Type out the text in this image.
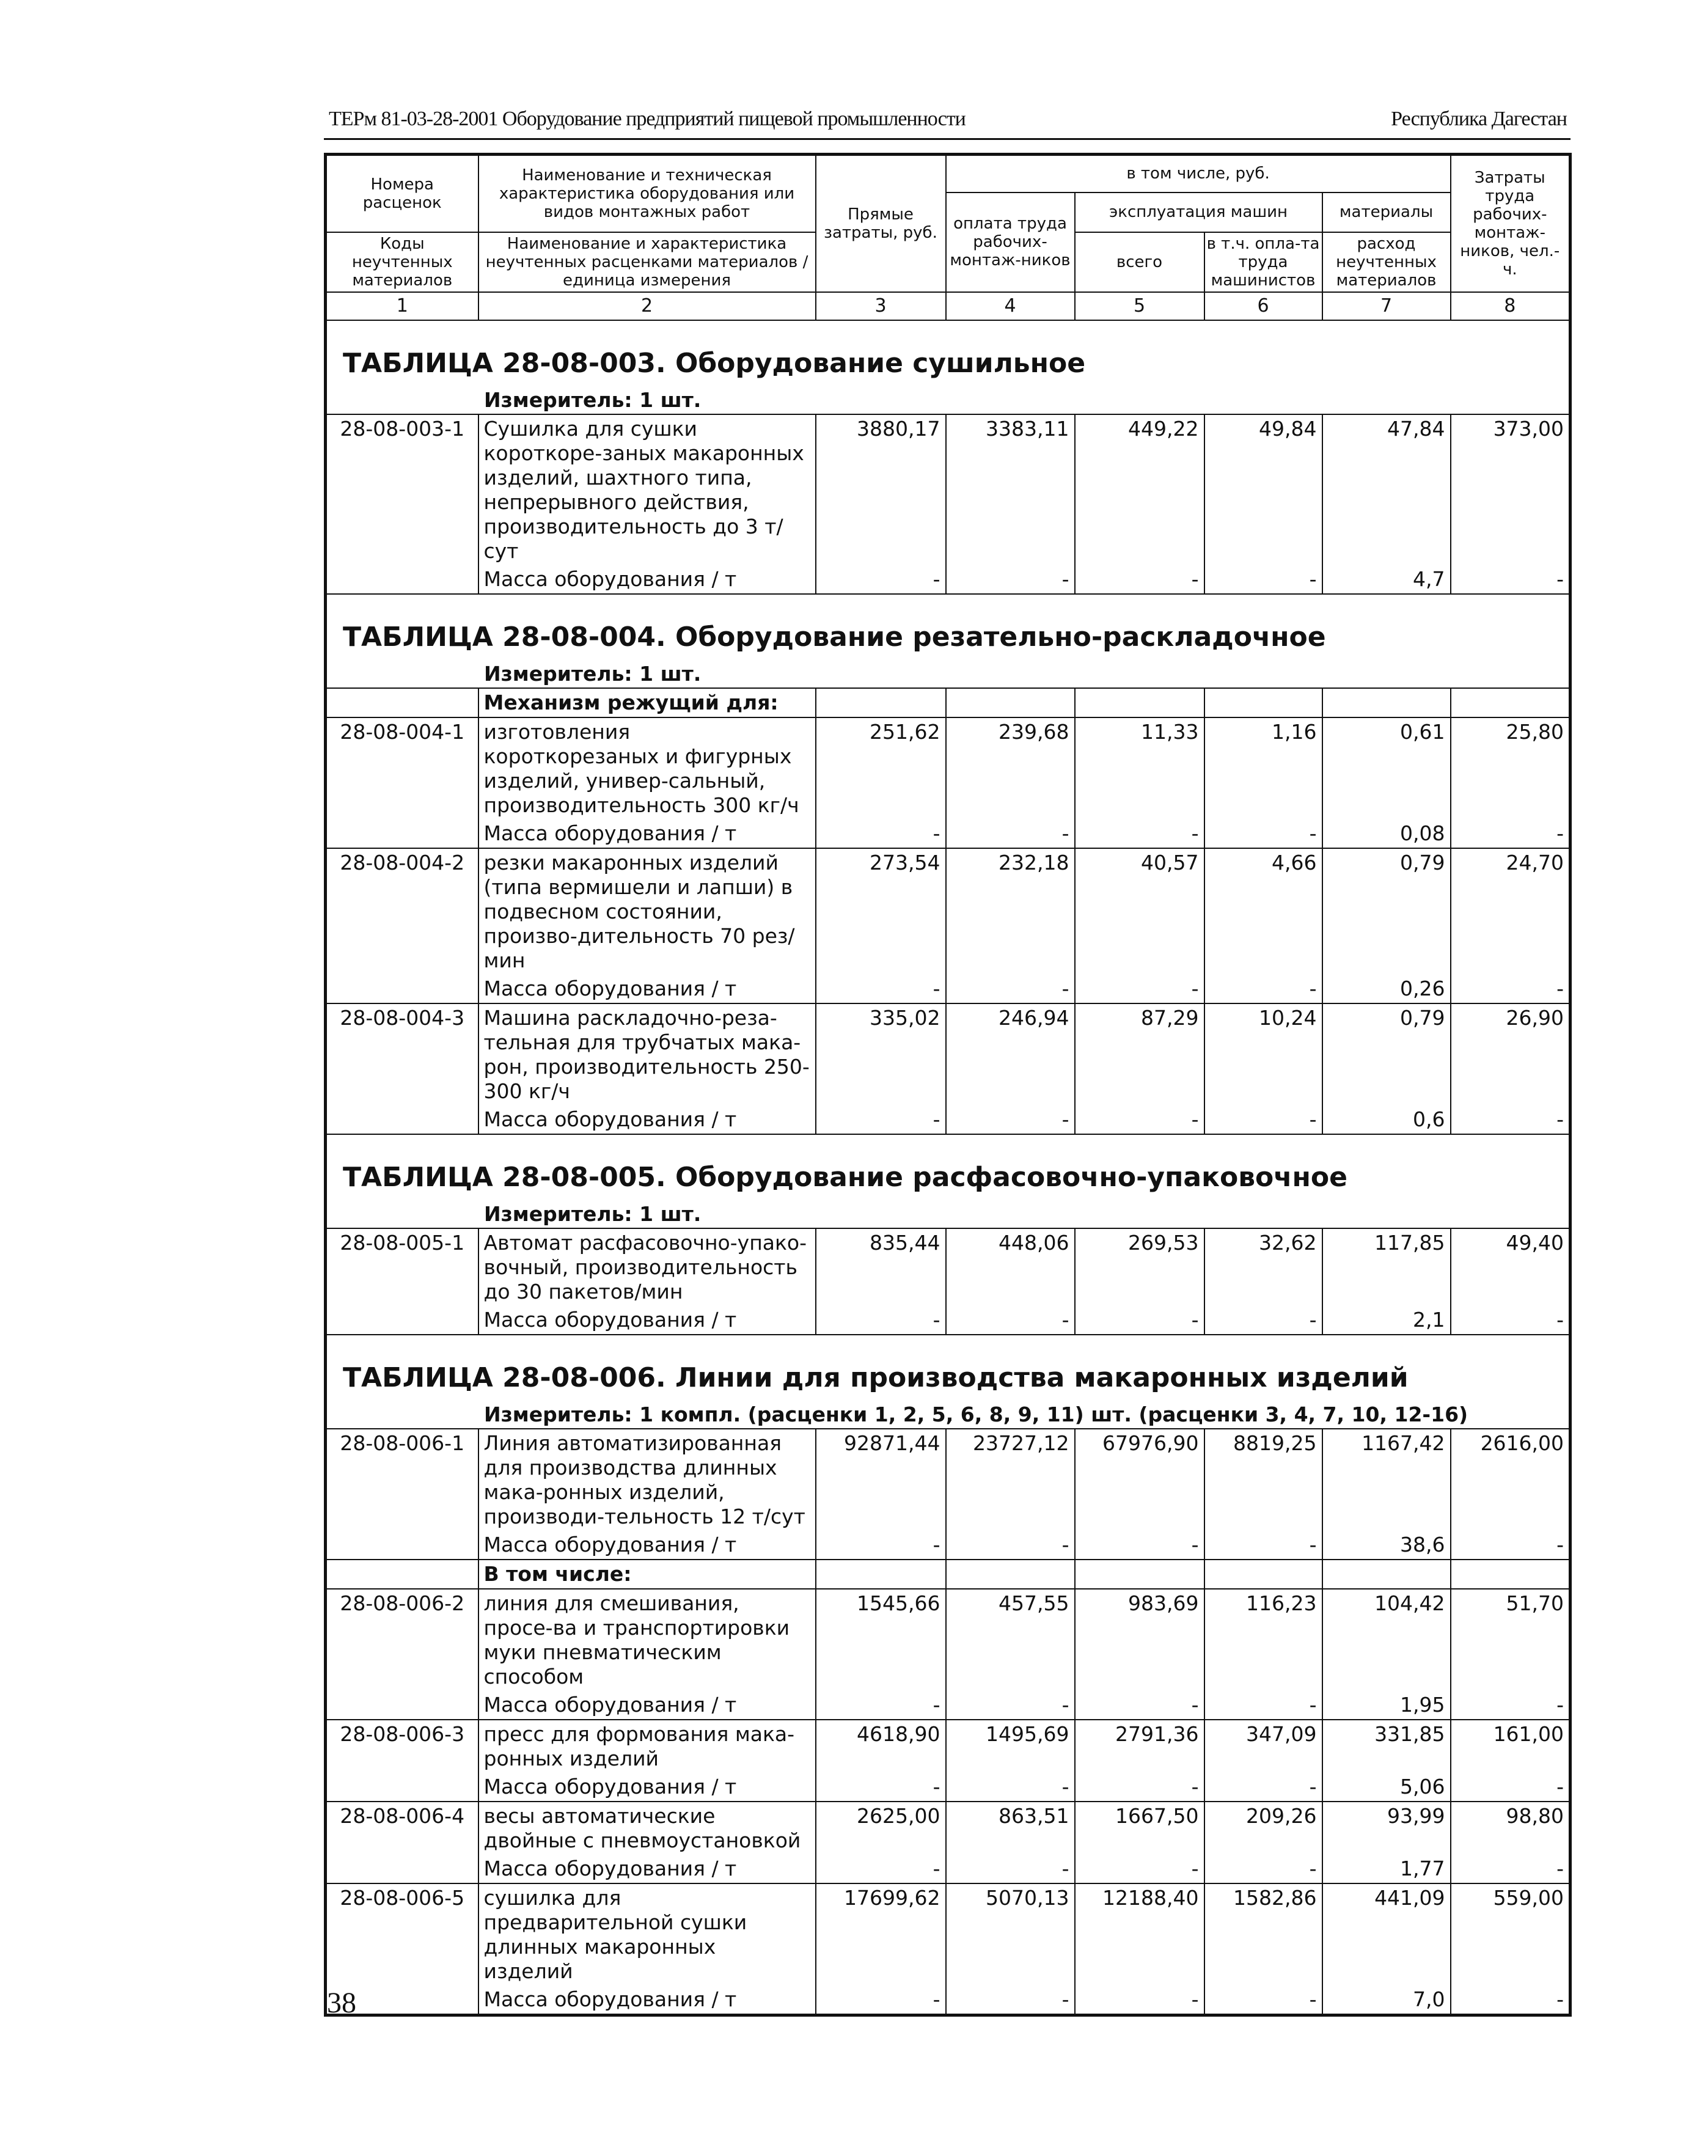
ТЕРм 81-03-28-2001 Оборудование предприятий пищевой промышленности	Республика Дагестан
Номера расценок	Наименование и техническая характеристика оборудования или видов монтажных работ	Прямые затраты, руб.	в том числе, руб.				Затраты труда рабочих-монтаж-ников, чел.-ч.
			оплата труда рабочих-монтаж-ников	эксплуатация машин		материалы	
Коды неучтенных материалов	Наименование и характеристика неучтенных расценками материалов / единица измерения			всего	в т.ч. опла-та труда машинистов	расход неучтенных материалов	

1	2	3	4	5	6	7	8
ТАБЛИЦА 28-08-003. Оборудование сушильное							
Измеритель: 1 шт.							
28-08-003-1	Сушилка для сушки короткоре-заных макаронных изделий, шахтного типа, непрерывного действия, производительность до 3 т/сут	3880,17	3383,11	449,22	49,84	47,84	373,00
	Масса оборудования / т	-	-	-	-	4,7	-
ТАБЛИЦА 28-08-004. Оборудование резательно-раскладочное							
Измеритель: 1 шт.							
	Механизм режущий для:						
28-08-004-1	изготовления короткорезаных и фигурных изделий, универ-сальный, производительность 300 кг/ч	251,62	239,68	11,33	1,16	0,61	25,80
	Масса оборудования / т	-	-	-	-	0,08	-
28-08-004-2	резки макаронных изделий (типа вермишели и лапши) в подвесном состоянии, произво-дительность 70 рез/мин	273,54	232,18	40,57	4,66	0,79	24,70
	Масса оборудования / т	-	-	-	-	0,26	-
28-08-004-3	Машина раскладочно-реза-тельная для трубчатых мака-рон, производительность 250-300 кг/ч	335,02	246,94	87,29	10,24	0,79	26,90
	Масса оборудования / т	-	-	-	-	0,6	-
ТАБЛИЦА 28-08-005. Оборудование расфасовочно-упаковочное							
Измеритель: 1 шт.							
28-08-005-1	Автомат расфасовочно-упако-вочный, производительность до 30 пакетов/мин	835,44	448,06	269,53	32,62	117,85	49,40
	Масса оборудования / т	-	-	-	-	2,1	-
ТАБЛИЦА 28-08-006. Линии для производства макаронных изделий							
Измеритель: 1 компл. (расценки 1, 2, 5, 6, 8, 9, 11) шт. (расценки 3, 4, 7, 10, 12-16)							
28-08-006-1	Линия автоматизированная для производства длинных мака-ронных изделий, производи-тельность 12 т/сут	92871,44	23727,12	67976,90	8819,25	1167,42	2616,00
	Масса оборудования / т	-	-	-	-	38,6	-
	В том числе:						
28-08-006-2	линия для смешивания, просе-ва и транспортировки муки пневматическим способом	1545,66	457,55	983,69	116,23	104,42	51,70
	Масса оборудования / т	-	-	-	-	1,95	-
28-08-006-3	пресс для формования мака-ронных изделий	4618,90	1495,69	2791,36	347,09	331,85	161,00
	Масса оборудования / т	-	-	-	-	5,06	-
28-08-006-4	весы автоматические двойные с пневмоустановкой	2625,00	863,51	1667,50	209,26	93,99	98,80
	Масса оборудования / т	-	-	-	-	1,77	-
28-08-006-5	сушилка для предварительной сушки длинных макаронных изделий	17699,62	5070,13	12188,40	1582,86	441,09	559,00
	Масса оборудования / т	-	-	-	-	7,0	-
38
